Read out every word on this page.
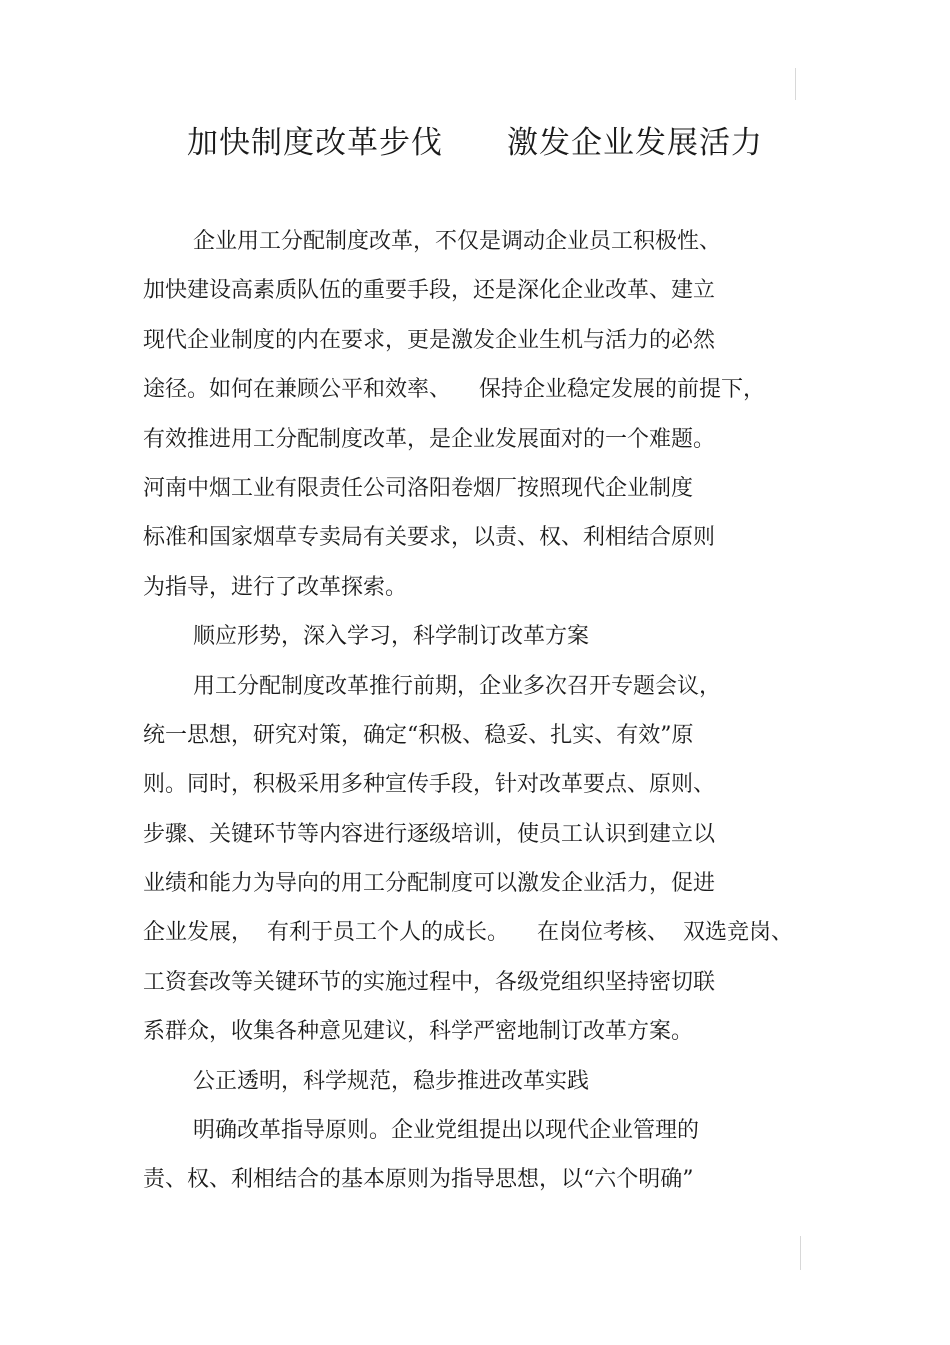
加快制度改革步伐 激发企业发展活力
企业用工分配制度改革，不仅是调动企业员工积极性、
加快建设高素质队伍的重要手段，还是深化企业改革、建立
现代企业制度的内在要求，更是激发企业生机与活力的必然
途径。如何在兼顾公平和效率、    保持企业稳定发展的前提下，
有效推进用工分配制度改革，是企业发展面对的一个难题。
河南中烟工业有限责任公司洛阳卷烟厂按照现代企业制度
标准和国家烟草专卖局有关要求，以责、权、利相结合原则
为指导，进行了改革探索。
顺应形势，深入学习，科学制订改革方案
用工分配制度改革推行前期，企业多次召开专题会议，
统一思想，研究对策，确定“积极、稳妥、扎实、有效”原
则。同时，积极采用多种宣传手段，针对改革要点、原则、
步骤、关键环节等内容进行逐级培训，使员工认识到建立以
业绩和能力为导向的用工分配制度可以激发企业活力，促进
企业发展，  有利于员工个人的成长。    在岗位考核、  双选竞岗、
工资套改等关键环节的实施过程中，各级党组织坚持密切联
系群众，收集各种意见建议，科学严密地制订改革方案。
公正透明，科学规范，稳步推进改革实践
明确改革指导原则。企业党组提出以现代企业管理的
责、权、利相结合的基本原则为指导思想，以“六个明确”
